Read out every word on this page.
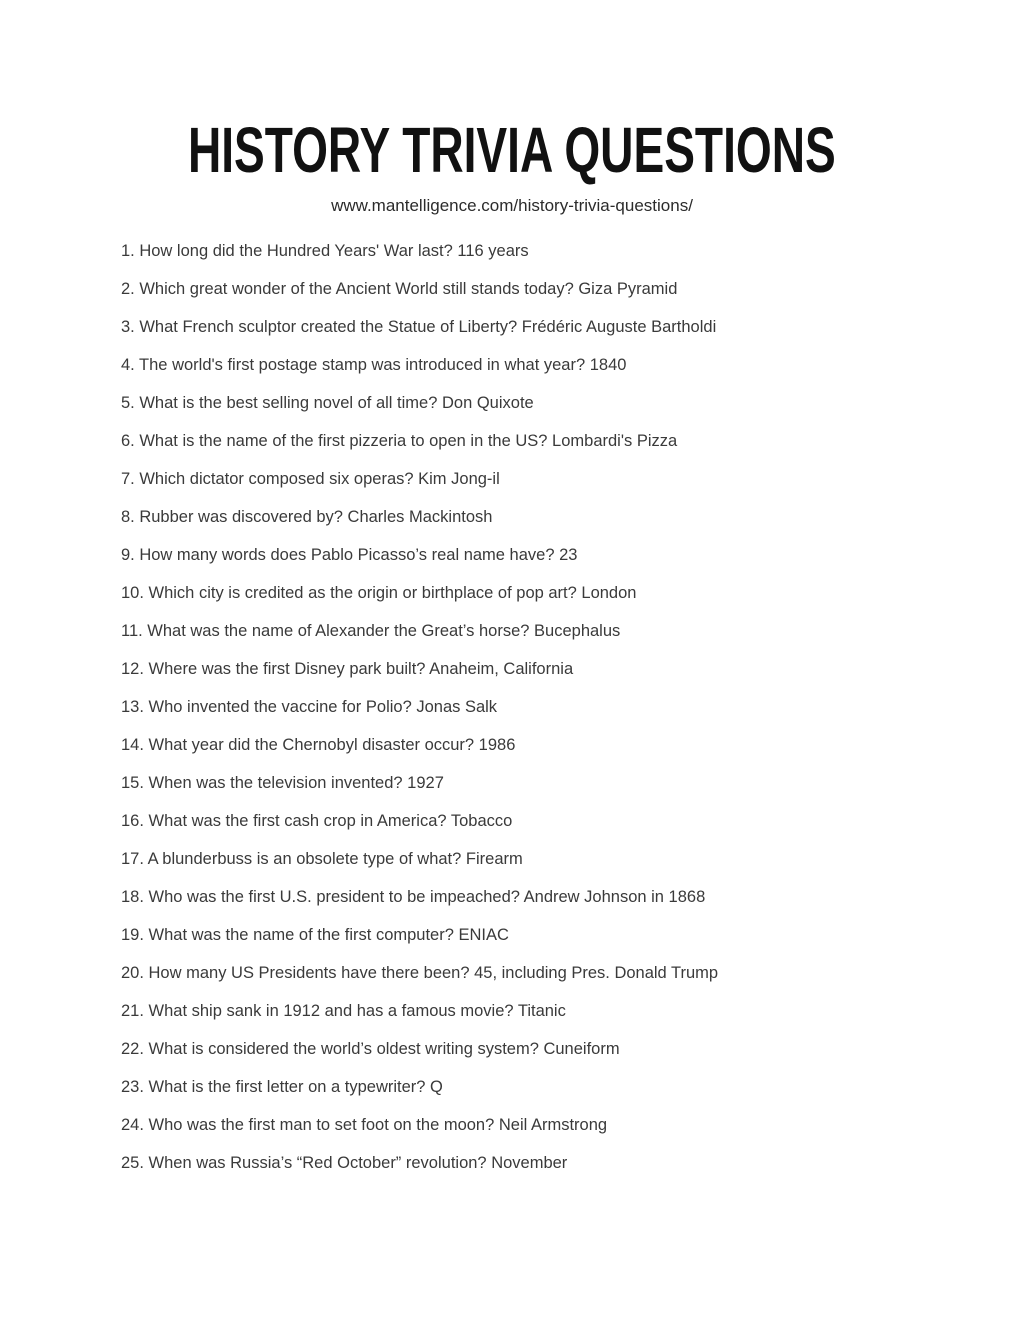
HISTORY TRIVIA QUESTIONS

www.mantelligence.com/history-trivia-questions/

1. How long did the Hundred Years' War last? 116 years

2. Which great wonder of the Ancient World still stands today? Giza Pyramid

3. What French sculptor created the Statue of Liberty? Frédéric Auguste Bartholdi

4. The world's first postage stamp was introduced in what year? 1840

5. What is the best selling novel of all time? Don Quixote

6. What is the name of the first pizzeria to open in the US? Lombardi's Pizza

7. Which dictator composed six operas? Kim Jong-il

8. Rubber was discovered by? Charles Mackintosh

9. How many words does Pablo Picasso’s real name have? 23

10. Which city is credited as the origin or birthplace of pop art? London

11. What was the name of Alexander the Great’s horse? Bucephalus

12. Where was the first Disney park built? Anaheim, California

13. Who invented the vaccine for Polio? Jonas Salk

14. What year did the Chernobyl disaster occur? 1986

15. When was the television invented? 1927

16. What was the first cash crop in America? Tobacco

17. A blunderbuss is an obsolete type of what? Firearm

18. Who was the first U.S. president to be impeached? Andrew Johnson in 1868

19. What was the name of the first computer? ENIAC

20. How many US Presidents have there been? 45, including Pres. Donald Trump

21. What ship sank in 1912 and has a famous movie? Titanic

22. What is considered the world’s oldest writing system? Cuneiform

23. What is the first letter on a typewriter? Q

24. Who was the first man to set foot on the moon? Neil Armstrong

25. When was Russia’s “Red October” revolution? November
